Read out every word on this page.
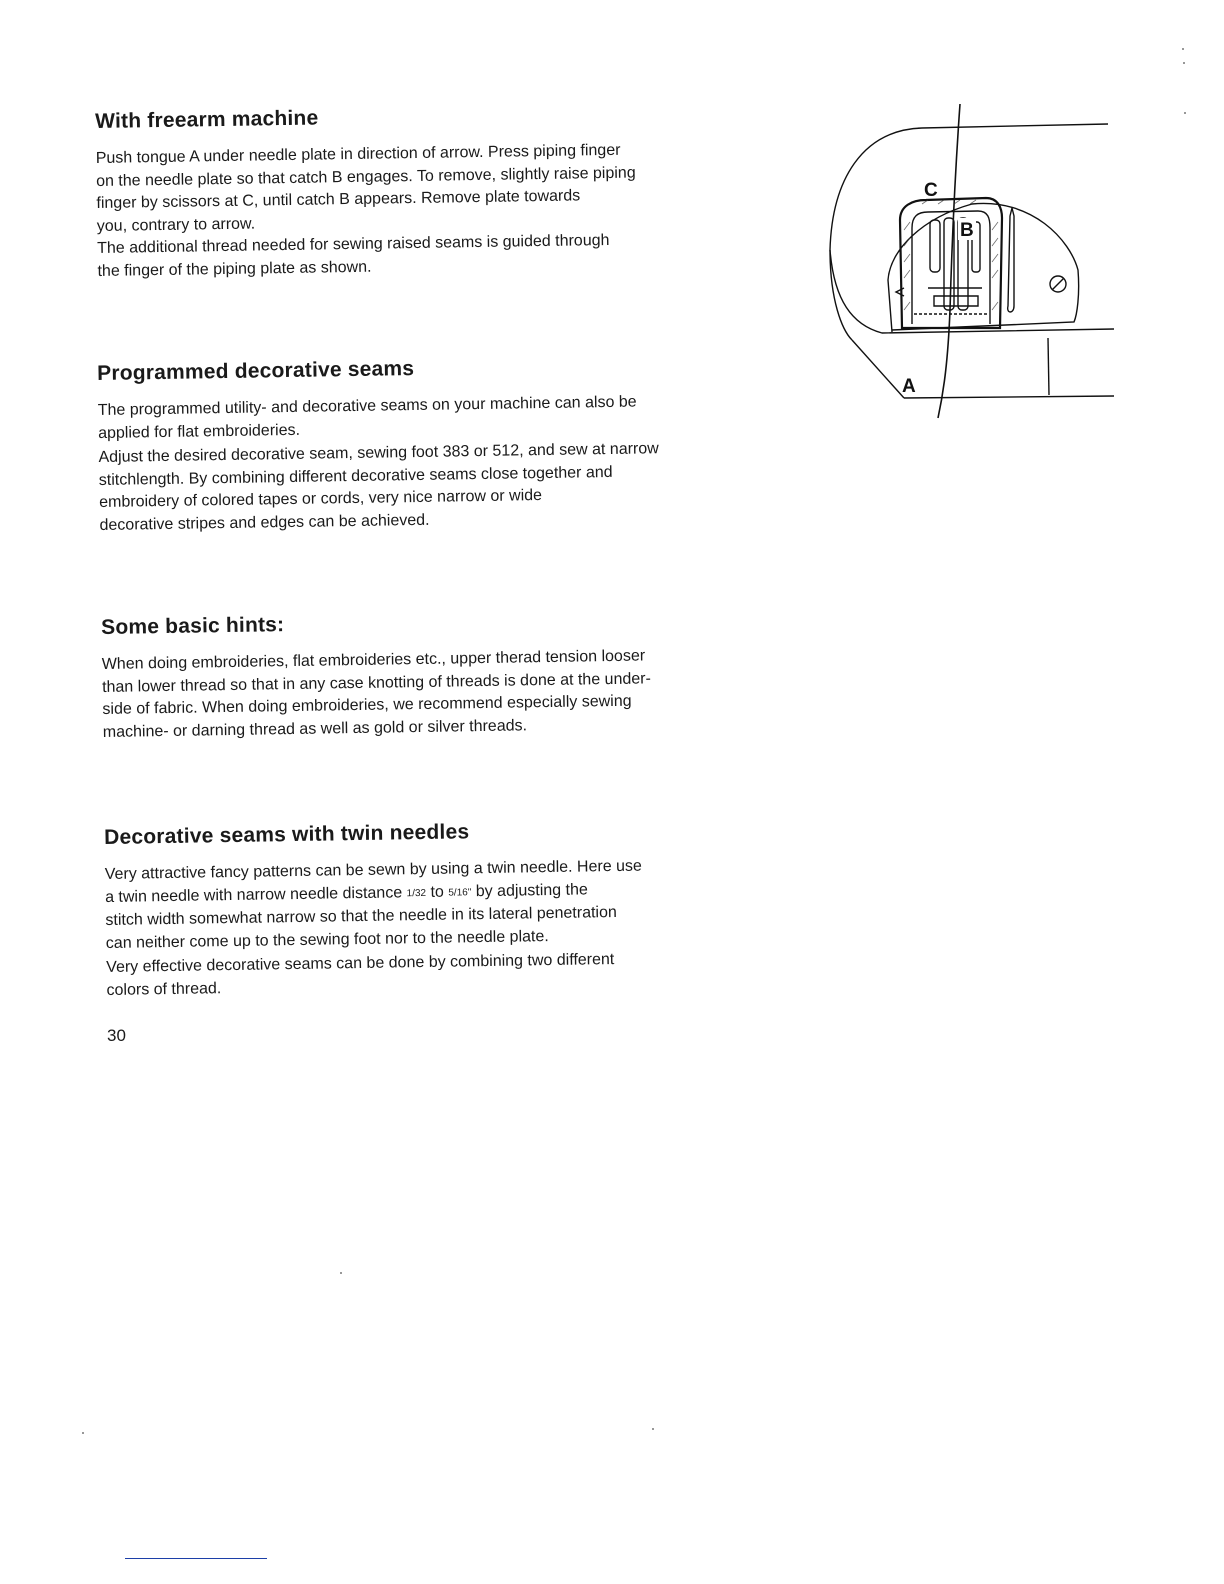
With freearm machine

Push tongue A under needle plate in direction of arrow. Press piping finger
on the needle plate so that catch B engages. To remove, slightly raise piping
finger by scissors at C, until catch B appears. Remove plate towards
you, contrary to arrow.

The additional thread needed for sewing raised seams is guided through
the finger of the piping plate as shown.

Programmed decorative seams

The programmed utility- and decorative seams on your machine can also be
applied for flat embroideries.

Adjust the desired decorative seam, sewing foot 383 or 512, and sew at narrow
stitchlength. By combining different decorative seams close together and
embroidery of colored tapes or cords, very nice narrow or wide
decorative stripes and edges can be achieved.

Some basic hints:

When doing embroideries, flat embroideries etc., upper therad tension looser
than lower thread so that in any case knotting of threads is done at the under-
side of fabric. When doing embroideries, we recommend especially sewing
machine- or darning thread as well as gold or silver threads.

Decorative seams with twin needles

Very attractive fancy patterns can be sewn by using a twin needle. Here use
a twin needle with narrow needle distance 1/32 to 5/16" by adjusting the
stitch width somewhat narrow so that the needle in its lateral penetration
can neither come up to the sewing foot nor to the needle plate.

Very effective decorative seams can be done by combining two different
colors of thread.

30
C
B
A
